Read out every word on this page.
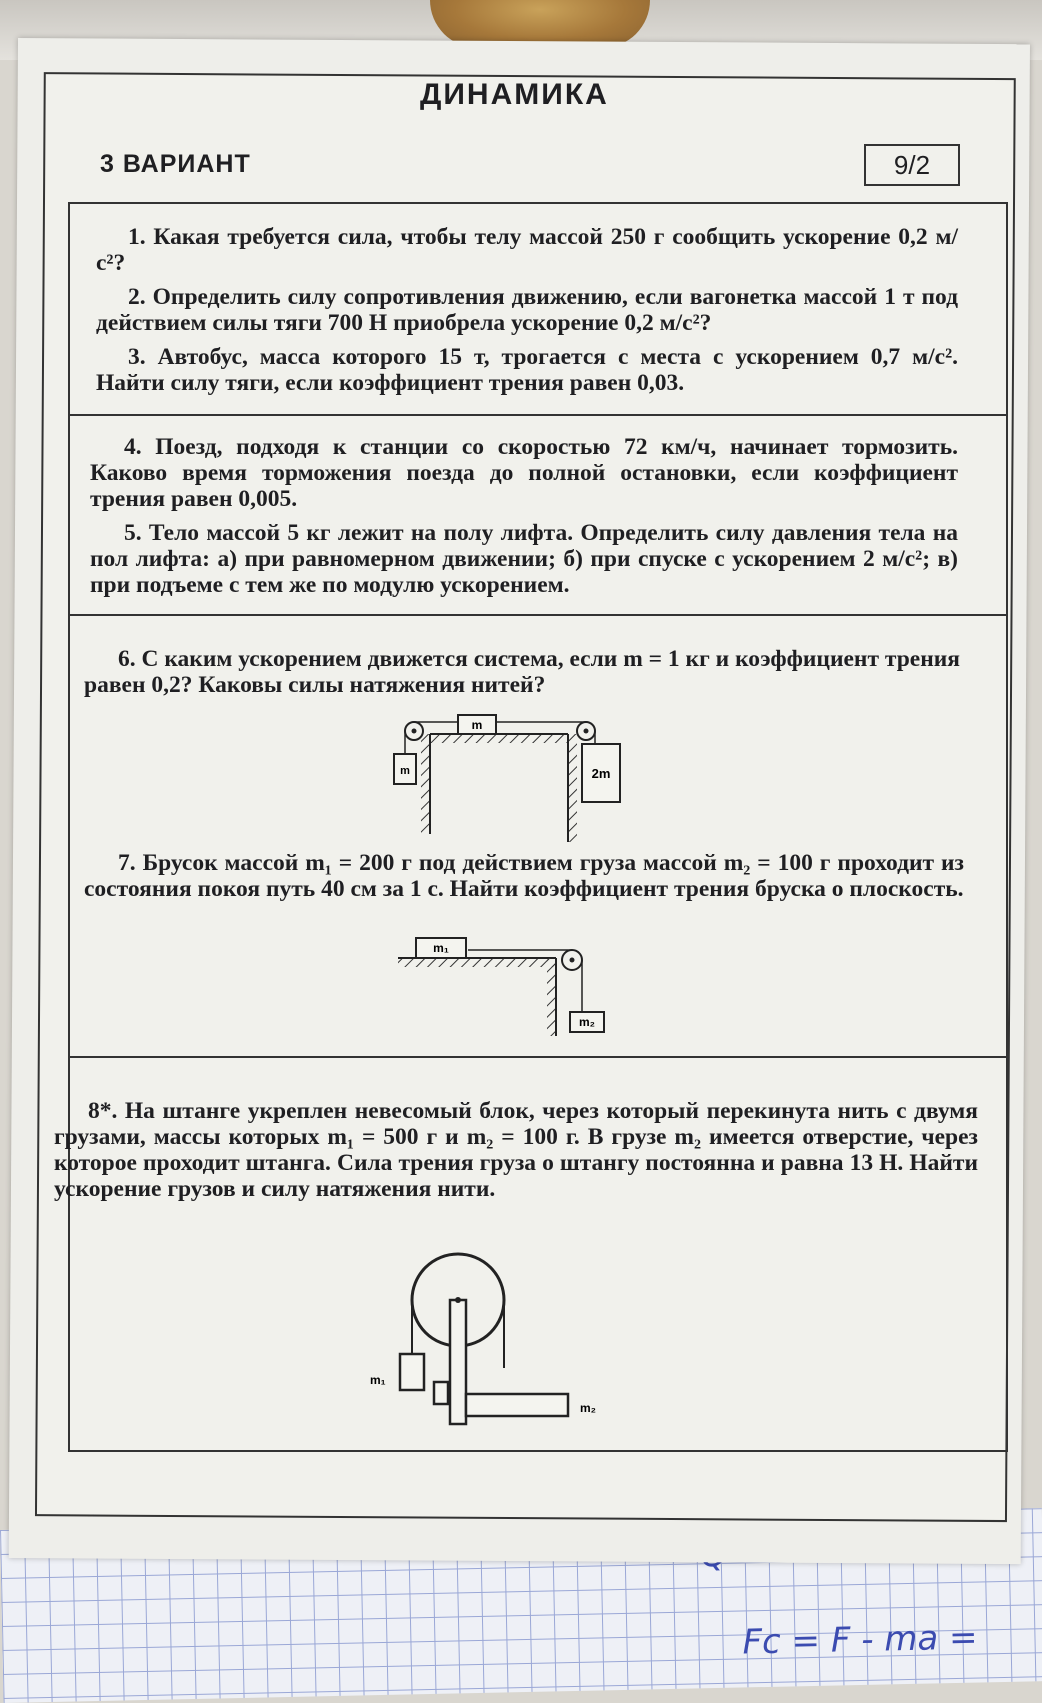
Fc = F - ma =
ДИНАМИКА
3 ВАРИАНТ	9/2
1. Какая требуется сила, чтобы телу массой 250 г сообщить ускорение 0,2 м/с²?
2. Определить силу сопротивления движению, если вагонетка массой 1 т под действием силы тяги 700 Н приобрела ускорение 0,2 м/с²?
3. Автобус, масса которого 15 т, трогается с места с ускорением 0,7 м/с². Найти силу тяги, если коэффициент трения равен 0,03.
4. Поезд, подходя к станции со скоростью 72 км/ч, начинает тормозить. Каково время торможения поезда до полной остановки, если коэффициент трения равен 0,005.
5. Тело массой 5 кг лежит на полу лифта. Определить силу давления тела на пол лифта: а) при равномерном движении; б) при спуске с ускорением 2 м/с²; в) при подъеме с тем же по модулю ускорением.
6. С каким ускорением движется система, если m = 1 кг и коэффициент трения равен 0,2? Каковы силы натяжения нитей?
m
m	2m
7. Брусок массой m₁ = 200 г под действием груза массой m₂ = 100 г проходит из состояния покоя путь 40 см за 1 с. Найти коэффициент трения бруска о плоскость.
m₁
m₂
8*. На штанге укреплен невесомый блок, через который перекинута нить с двумя грузами, массы которых m₁ = 500 г и m₂ = 100 г. В грузе m₂ имеется отверстие, через которое проходит штанга. Сила трения груза о штангу постоянна и равна 13 Н. Найти ускорение грузов и силу натяжения нити.
m₁
m₂
